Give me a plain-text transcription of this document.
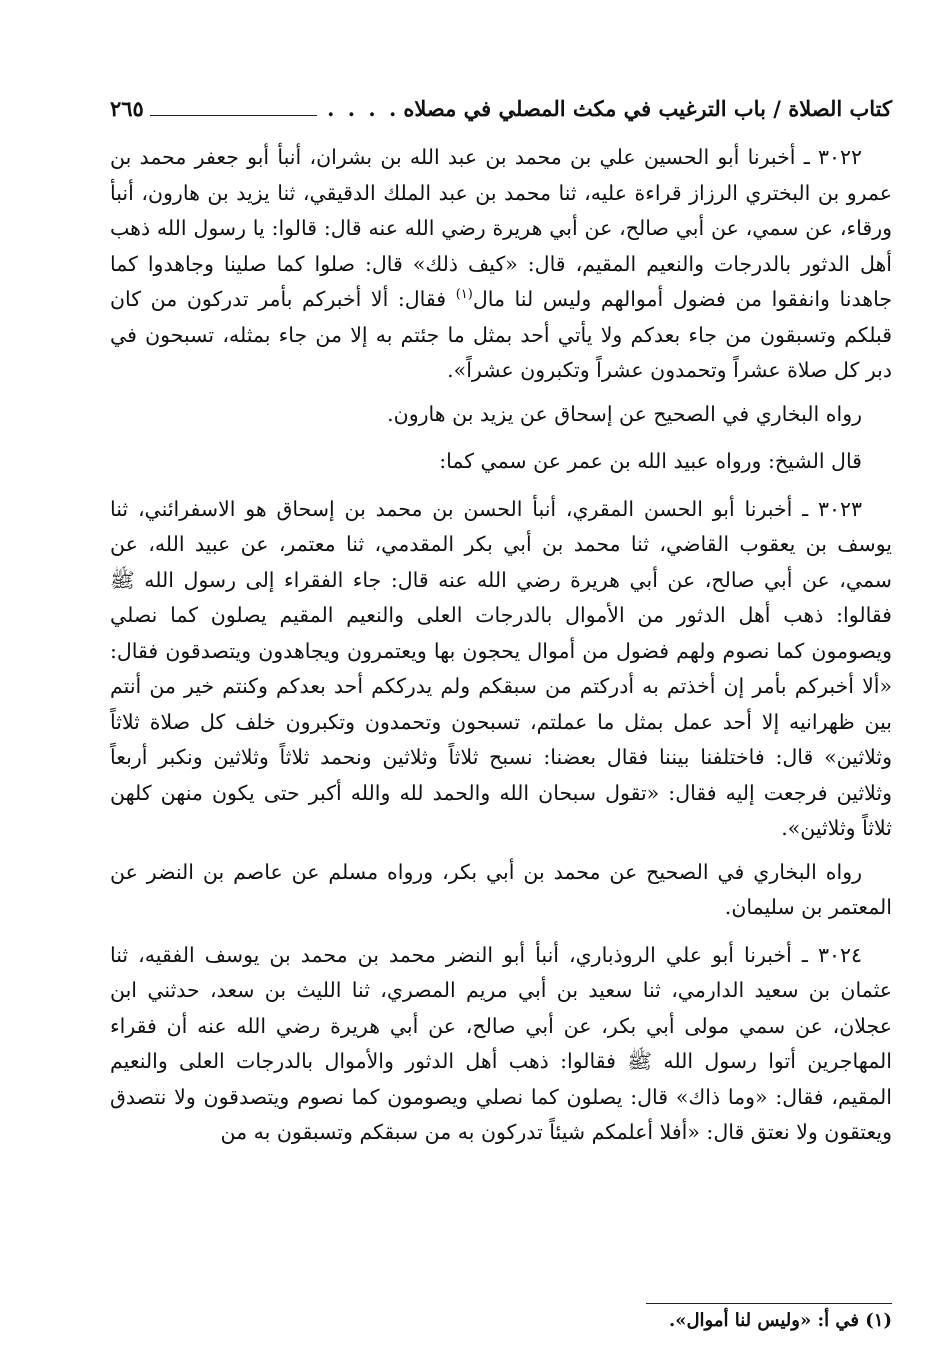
كتاب الصلاة / باب الترغيب في مكث المصلي في مصلاه
. . . .
٢٦٥

٣٠٢٢ ـ أخبرنا أبو الحسين علي بن محمد بن عبد الله بن بشران، أنبأ أبو جعفر محمد بن عمرو بن البختري الرزاز قراءة عليه، ثنا محمد بن عبد الملك الدقيقي، ثنا يزيد بن هارون، أنبأ ورقاء، عن سمي، عن أبي صالح، عن أبي هريرة رضي الله عنه قال: قالوا: يا رسول الله ذهب أهل الدثور بالدرجات والنعيم المقيم، قال: «كيف ذلك» قال: صلوا كما صلينا وجاهدوا كما جاهدنا وانفقوا من فضول أموالهم وليس لنا مال$^{(١)}$ فقال: ألا أخبركم بأمر تدركون من كان قبلكم وتسبقون من جاء بعدكم ولا يأتي أحد بمثل ما جئتم به إلا من جاء بمثله، تسبحون في دبر كل صلاة عشراً وتحمدون عشراً وتكبرون عشراً».

رواه البخاري في الصحيح عن إسحاق عن يزيد بن هارون.

قال الشيخ: ورواه عبيد الله بن عمر عن سمي كما:

٣٠٢٣ ـ أخبرنا أبو الحسن المقري، أنبأ الحسن بن محمد بن إسحاق هو الاسفرائني، ثنا يوسف بن يعقوب القاضي، ثنا محمد بن أبي بكر المقدمي، ثنا معتمر، عن عبيد الله، عن سمي، عن أبي صالح، عن أبي هريرة رضي الله عنه قال: جاء الفقراء إلى رسول الله ﷺ فقالوا: ذهب أهل الدثور من الأموال بالدرجات العلى والنعيم المقيم يصلون كما نصلي ويصومون كما نصوم ولهم فضول من أموال يحجون بها ويعتمرون ويجاهدون ويتصدقون فقال: «ألا أخبركم بأمر إن أخذتم به أدركتم من سبقكم ولم يدرككم أحد بعدكم وكنتم خير من أنتم بين ظهرانيه إلا أحد عمل بمثل ما عملتم، تسبحون وتحمدون وتكبرون خلف كل صلاة ثلاثاً وثلاثين» قال: فاختلفنا بيننا فقال بعضنا: نسبح ثلاثاً وثلاثين ونحمد ثلاثاً وثلاثين ونكبر أربعاً وثلاثين فرجعت إليه فقال: «تقول سبحان الله والحمد لله والله أكبر حتى يكون منهن كلهن ثلاثاً وثلاثين».

رواه البخاري في الصحيح عن محمد بن أبي بكر، ورواه مسلم عن عاصم بن النضر عن المعتمر بن سليمان.

٣٠٢٤ ـ أخبرنا أبو علي الروذباري، أنبأ أبو النضر محمد بن محمد بن يوسف الفقيه، ثنا عثمان بن سعيد الدارمي، ثنا سعيد بن أبي مريم المصري، ثنا الليث بن سعد، حدثني ابن عجلان، عن سمي مولى أبي بكر، عن أبي صالح، عن أبي هريرة رضي الله عنه أن فقراء المهاجرين أتوا رسول الله ﷺ فقالوا: ذهب أهل الدثور والأموال بالدرجات العلى والنعيم المقيم، فقال: «وما ذاك» قال: يصلون كما نصلي ويصومون كما نصوم ويتصدقون ولا نتصدق ويعتقون ولا نعتق قال: «أفلا أعلمكم شيئاً تدركون به من سبقكم وتسبقون به من

(١) في أ: «وليس لنا أموال».
